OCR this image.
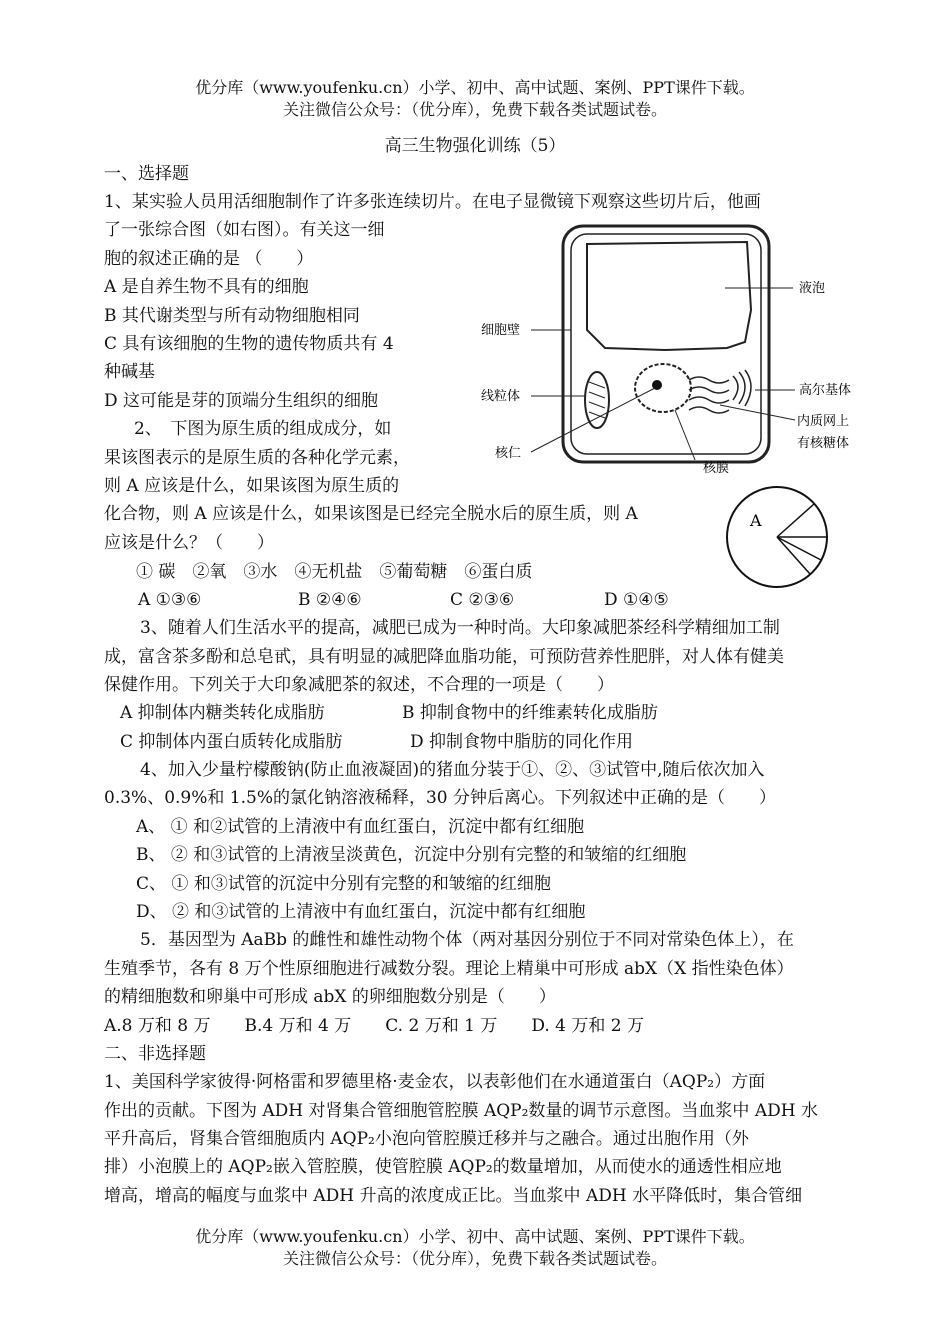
优分库（www.youfenku.cn）小学、初中、高中试题、案例、PPT课件下载。
关注微信公众号：（优分库），免费下载各类试题试卷。
高三生物强化训练（5）
一、选择题
1、某实验人员用活细胞制作了许多张连续切片。在电子显微镜下观察这些切片后，他画
了一张综合图（如右图）。有关这一细
胞的叙述正确的是 （　　）
A 是自养生物不具有的细胞
B 其代谢类型与所有动物细胞相同
C 具有该细胞的生物的遗传物质共有 4
种碱基
D 这可能是芽的顶端分生组织的细胞
液泡
细胞壁
线粒体	高尔基体
内质网上
有核糖体
核仁
核膜
2、　下图为原生质的组成成分，如
果该图表示的是原生质的各种化学元素，
则 A 应该是什么，如果该图为原生质的
化合物，则 A 应该是什么，如果该图是已经完全脱水后的原生质，则 A
应该是什么？（　　）
A
① 碳　②氧　③水　④无机盐　⑤葡萄糖　⑥蛋白质
A ①③⑥	B ②④⑥	C ②③⑥	D ①④⑤
3、随着人们生活水平的提高，减肥已成为一种时尚。大印象减肥茶经科学精细加工制
成，富含茶多酚和总皂甙，具有明显的减肥降血脂功能，可预防营养性肥胖，对人体有健美
保健作用。下列关于大印象减肥茶的叙述，不合理的一项是（　　）
A 抑制体内糖类转化成脂肪	B 抑制食物中的纤维素转化成脂肪
C 抑制体内蛋白质转化成脂肪	D 抑制食物中脂肪的同化作用
4、加入少量柠檬酸钠(防止血液凝固)的猪血分装于①、②、③试管中,随后依次加入
0.3%、0.9%和 1.5%的氯化钠溶液稀释，30 分钟后离心。下列叙述中正确的是（　　）
A、 ① 和②试管的上清液中有血红蛋白，沉淀中都有红细胞
B、 ② 和③试管的上清液呈淡黄色，沉淀中分别有完整的和皱缩的红细胞
C、 ① 和③试管的沉淀中分别有完整的和皱缩的红细胞
D、 ② 和③试管的上清液中有血红蛋白，沉淀中都有红细胞
5．基因型为 AaBb 的雌性和雄性动物个体（两对基因分别位于不同对常染色体上），在
生殖季节，各有 8 万个性原细胞进行减数分裂。理论上精巢中可形成 abX（X 指性染色体）
的精细胞数和卵巢中可形成 abX 的卵细胞数分别是（　　）
A.8 万和 8 万　　B.4 万和 4 万　　C. 2 万和 1 万　　D. 4 万和 2 万
二、非选择题
1、美国科学家彼得·阿格雷和罗德里格·麦金农，以表彰他们在水通道蛋白（AQP₂）方面
作出的贡献。下图为 ADH 对肾集合管细胞管腔膜 AQP₂数量的调节示意图。当血浆中 ADH 水
平升高后，肾集合管细胞质内 AQP₂小泡向管腔膜迁移并与之融合。通过出胞作用（外
排）小泡膜上的 AQP₂嵌入管腔膜，使管腔膜 AQP₂的数量增加，从而使水的通透性相应地
增高，增高的幅度与血浆中 ADH 升高的浓度成正比。当血浆中 ADH 水平降低时，集合管细
优分库（www.youfenku.cn）小学、初中、高中试题、案例、PPT课件下载。
关注微信公众号：（优分库），免费下载各类试题试卷。
